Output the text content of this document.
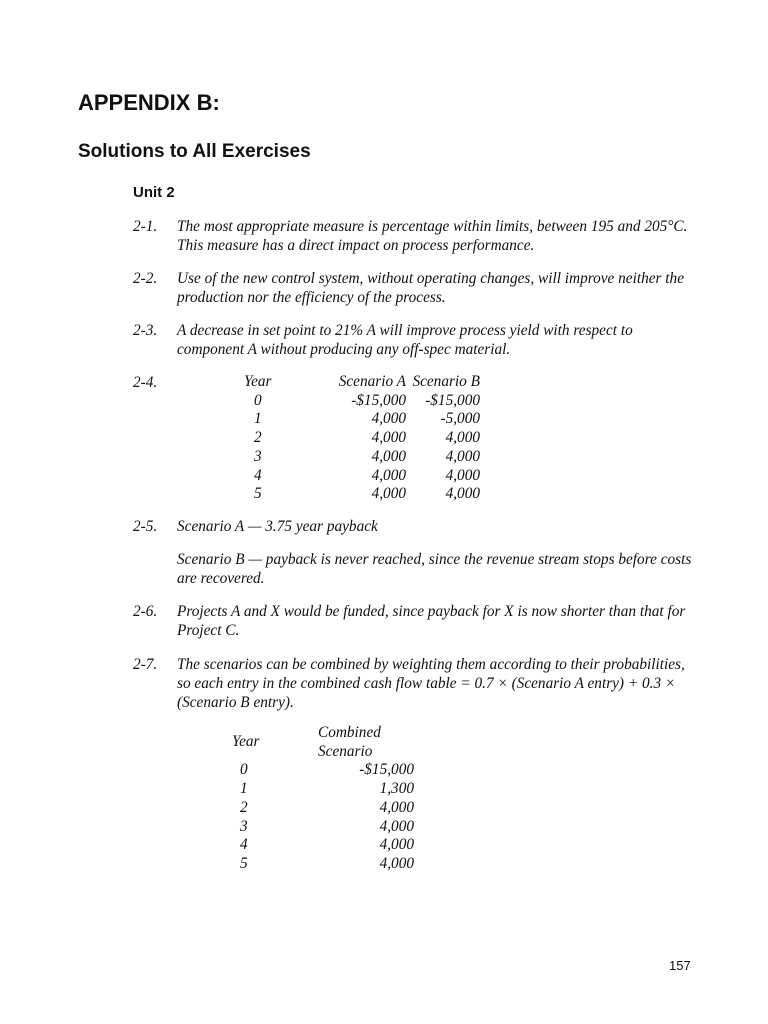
APPENDIX B:
Solutions to All Exercises
Unit 2
2-1. The most appropriate measure is percentage within limits, between 195 and 205°C. This measure has a direct impact on process performance.

2-2. Use of the new control system, without operating changes, will improve neither the production nor the efficiency of the process.

2-3. A decrease in set point to 21% A will improve process yield with respect to component A without producing any off-spec material.

2-4.	Year	Scenario A	Scenario B
0	-$15,000	-$15,000
1	4,000	-5,000
2	4,000	4,000
3	4,000	4,000
4	4,000	4,000
5	4,000	4,000
2-5. Scenario A — 3.75 year payback

Scenario B — payback is never reached, since the revenue stream stops before costs are recovered.

2-6. Projects A and X would be funded, since payback for X is now shorter than that for Project C.

2-7. The scenarios can be combined by weighting them according to their probabilities, so each entry in the combined cash flow table = 0.7 × (Scenario A entry) + 0.3 × (Scenario B entry).

Year	Combined Scenario
0	-$15,000
1	1,300
2	4,000
3	4,000
4	4,000
5	4,000
157
